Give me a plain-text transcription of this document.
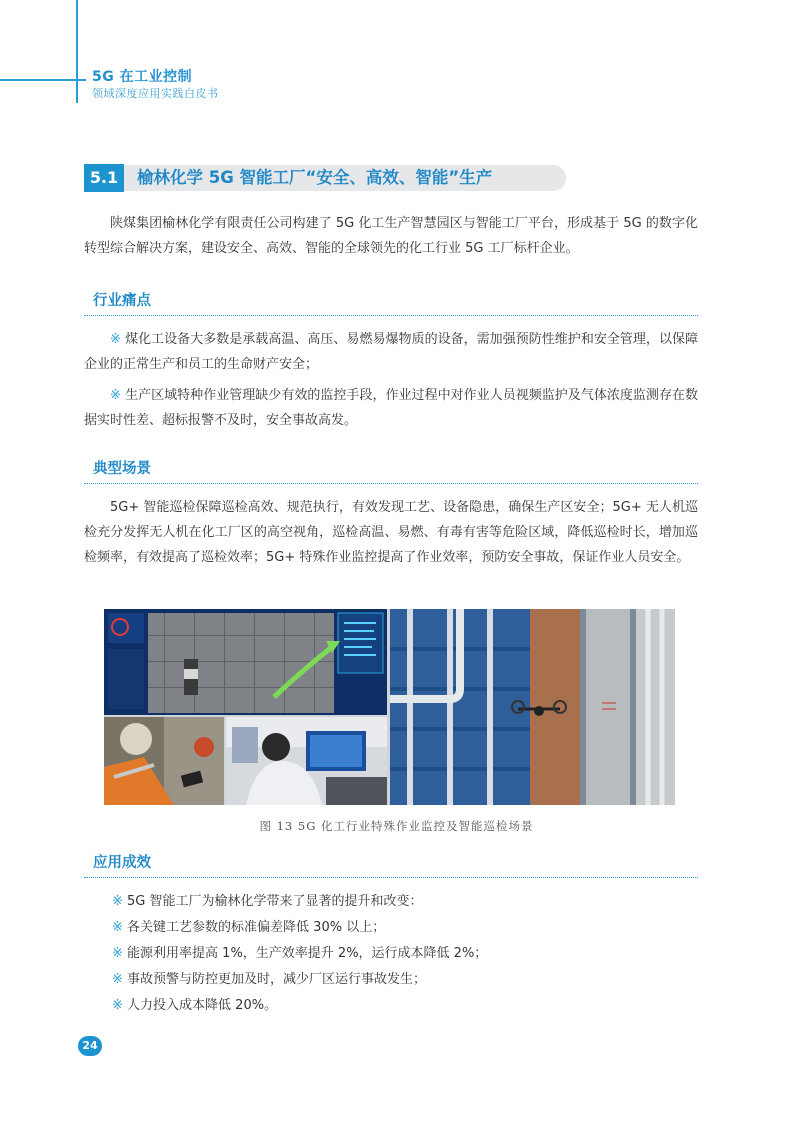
5G 在工业控制
领域深度应用实践白皮书
5.1	榆林化学 5G 智能工厂“安全、高效、智能”生产

陕煤集团榆林化学有限责任公司构建了 5G 化工生产智慧园区与智能工厂平台，形成基于 5G 的数字化转型综合解决方案，建设安全、高效、智能的全球领先的化工行业 5G 工厂标杆企业。

行业痛点

※ 煤化工设备大多数是承载高温、高压、易燃易爆物质的设备，需加强预防性维护和安全管理，以保障企业的正常生产和员工的生命财产安全；

※ 生产区域特种作业管理缺少有效的监控手段，作业过程中对作业人员视频监护及气体浓度监测存在数据实时性差、超标报警不及时，安全事故高发。

典型场景

5G+ 智能巡检保障巡检高效、规范执行，有效发现工艺、设备隐患，确保生产区安全；5G+ 无人机巡检充分发挥无人机在化工厂区的高空视角，巡检高温、易燃、有毒有害等危险区域，降低巡检时长，增加巡检频率，有效提高了巡检效率；5G+ 特殊作业监控提高了作业效率，预防安全事故，保证作业人员安全。

图 13 5G 化工行业特殊作业监控及智能巡检场景
应用成效
※ 5G 智能工厂为榆林化学带来了显著的提升和改变：
※ 各关键工艺参数的标准偏差降低 30% 以上；
※ 能源利用率提高 1%，生产效率提升 2%，运行成本降低 2%；
※ 事故预警与防控更加及时，减少厂区运行事故发生；
※ 人力投入成本降低 20%。
24
